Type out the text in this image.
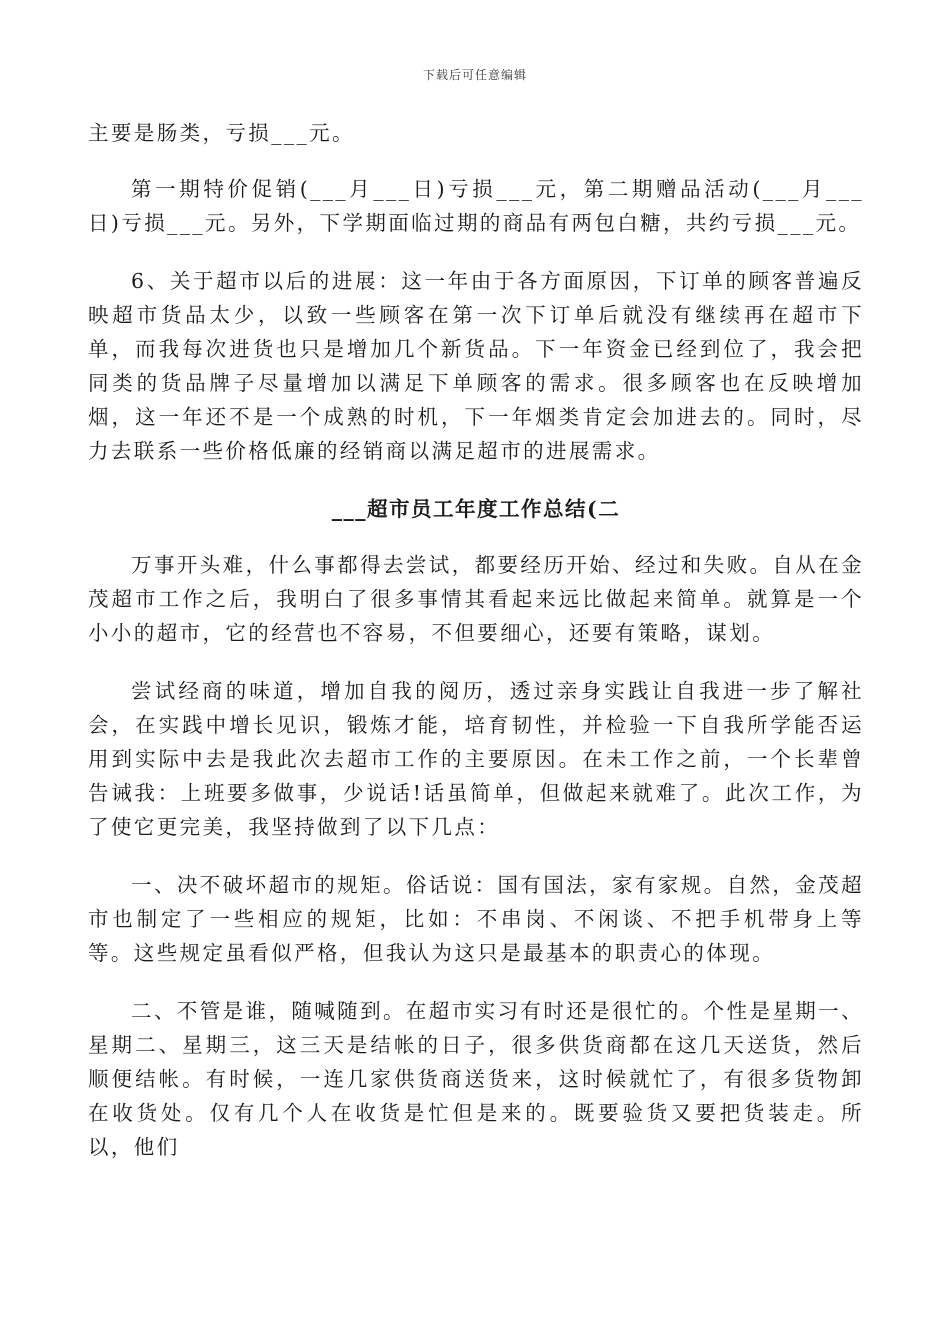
下载后可任意编辑

主要是肠类，亏损___元。

第一期特价促销(___月___日)亏损___元，第二期赠品活动(___月___日)亏损___元。另外，下学期面临过期的商品有两包白糖，共约亏损___元。

6、关于超市以后的进展：这一年由于各方面原因，下订单的顾客普遍反映超市货品太少，以致一些顾客在第一次下订单后就没有继续再在超市下单，而我每次进货也只是增加几个新货品。下一年资金已经到位了，我会把同类的货品牌子尽量增加以满足下单顾客的需求。很多顾客也在反映增加烟，这一年还不是一个成熟的时机，下一年烟类肯定会加进去的。同时，尽力去联系一些价格低廉的经销商以满足超市的进展需求。

___超市员工年度工作总结(二

万事开头难，什么事都得去尝试，都要经历开始、经过和失败。自从在金茂超市工作之后，我明白了很多事情其看起来远比做起来简单。就算是一个小小的超市，它的经营也不容易，不但要细心，还要有策略，谋划。

尝试经商的味道，增加自我的阅历，透过亲身实践让自我进一步了解社会，在实践中增长见识，锻炼才能，培育韧性，并检验一下自我所学能否运用到实际中去是我此次去超市工作的主要原因。在未工作之前，一个长辈曾告诫我：上班要多做事，少说话!话虽简单，但做起来就难了。此次工作，为了使它更完美，我坚持做到了以下几点：

一、决不破坏超市的规矩。俗话说：国有国法，家有家规。自然，金茂超市也制定了一些相应的规矩，比如：不串岗、不闲谈、不把手机带身上等等。这些规定虽看似严格，但我认为这只是最基本的职责心的体现。

二、不管是谁，随喊随到。在超市实习有时还是很忙的。个性是星期一、星期二、星期三，这三天是结帐的日子，很多供货商都在这几天送货，然后顺便结帐。有时候，一连几家供货商送货来，这时候就忙了，有很多货物卸在收货处。仅有几个人在收货是忙但是来的。既要验货又要把货装走。所以，他们
